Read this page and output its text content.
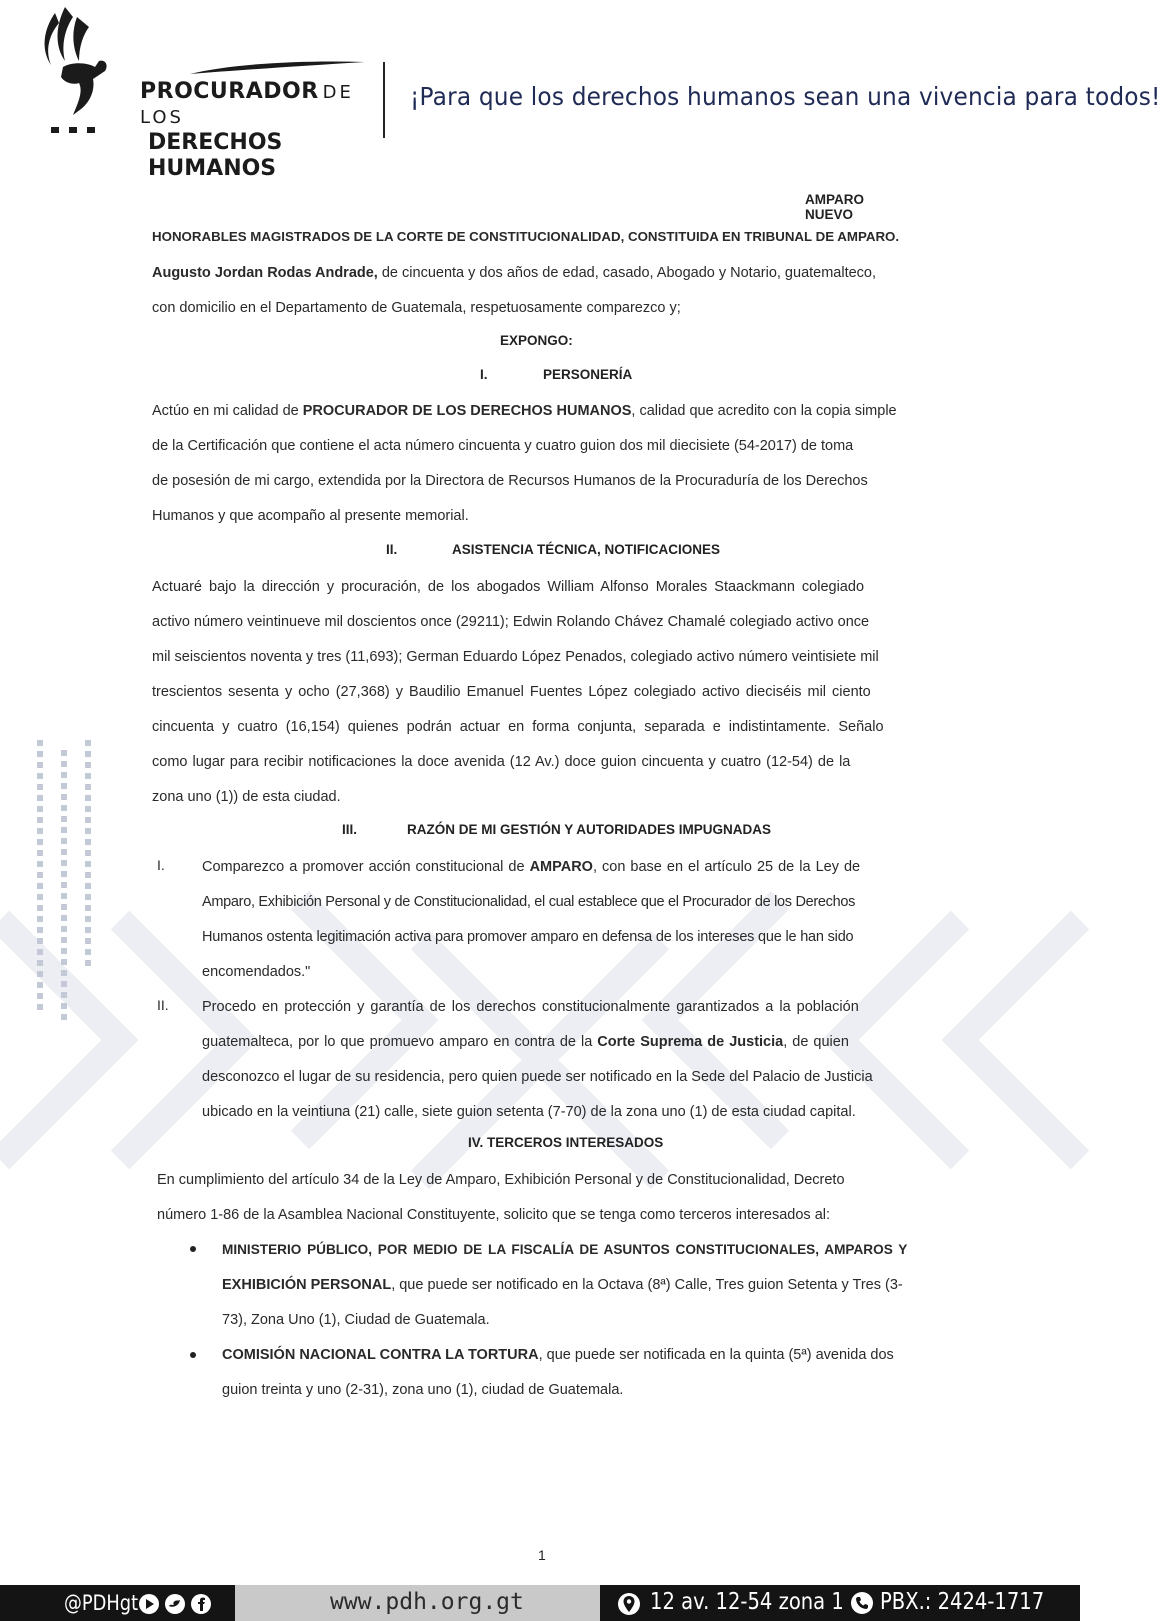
PROCURADOR DE LOS
DERECHOS HUMANOS
¡Para que los derechos humanos sean una vivencia para todos!
AMPARO NUEVO
HONORABLES MAGISTRADOS DE LA CORTE DE CONSTITUCIONALIDAD, CONSTITUIDA EN TRIBUNAL DE AMPARO.
Augusto Jordan Rodas Andrade, de cincuenta y dos años de edad, casado, Abogado y Notario, guatemalteco,
con domicilio en el Departamento de Guatemala, respetuosamente comparezco y;
EXPONGO:
I.	PERSONERÍA
Actúo en mi calidad de PROCURADOR DE LOS DERECHOS HUMANOS, calidad que acredito con la copia simple
de la Certificación que contiene el acta número cincuenta y cuatro guion dos mil diecisiete (54-2017) de toma
de posesión de mi cargo, extendida por la Directora de Recursos Humanos de la Procuraduría de los Derechos
Humanos y que acompaño al presente memorial.
II.	ASISTENCIA TÉCNICA, NOTIFICACIONES
Actuaré bajo la dirección y procuración, de los abogados William Alfonso Morales Staackmann colegiado
activo número veintinueve mil doscientos once (29211); Edwin Rolando Chávez Chamalé colegiado activo once
mil seiscientos noventa y tres (11,693); German Eduardo López Penados, colegiado activo número veintisiete mil
trescientos sesenta y ocho (27,368) y Baudilio Emanuel Fuentes López colegiado activo dieciséis mil ciento
cincuenta y cuatro (16,154) quienes podrán actuar en forma conjunta, separada e indistintamente. Señalo
como lugar para recibir notificaciones la doce avenida (12 Av.) doce guion cincuenta y cuatro (12-54) de la
zona uno (1)) de esta ciudad.
III.	RAZÓN DE MI GESTIÓN Y AUTORIDADES IMPUGNADAS
I.	Comparezco a promover acción constitucional de AMPARO, con base en el artículo 25 de la Ley de
Amparo, Exhibición Personal y de Constitucionalidad, el cual establece que el Procurador de los Derechos
Humanos ostenta legitimación activa para promover amparo en defensa de los intereses que le han sido
encomendados."
II. Procedo en protección y garantía de los derechos constitucionalmente garantizados a la población
guatemalteca, por lo que promuevo amparo en contra de la Corte Suprema de Justicia, de quien
desconozco el lugar de su residencia, pero quien puede ser notificado en la Sede del Palacio de Justicia
ubicado en la veintiuna (21) calle, siete guion setenta (7-70) de la zona uno (1) de esta ciudad capital.
IV. TERCEROS INTERESADOS
En cumplimiento del artículo 34 de la Ley de Amparo, Exhibición Personal y de Constitucionalidad, Decreto
número 1-86 de la Asamblea Nacional Constituyente, solicito que se tenga como terceros interesados al:
MINISTERIO PÚBLICO, POR MEDIO DE LA FISCALÍA DE ASUNTOS CONSTITUCIONALES, AMPAROS Y
EXHIBICIÓN PERSONAL, que puede ser notificado en la Octava (8ª) Calle, Tres guion Setenta y Tres (3-
73), Zona Uno (1), Ciudad de Guatemala.
COMISIÓN NACIONAL CONTRA LA TORTURA, que puede ser notificada en la quinta (5ª) avenida dos
guion treinta y uno (2-31), zona uno (1), ciudad de Guatemala.
1
@PDHgt	www.pdh.org.gt	12 av. 12-54 zona 1 PBX.: 2424-1717
